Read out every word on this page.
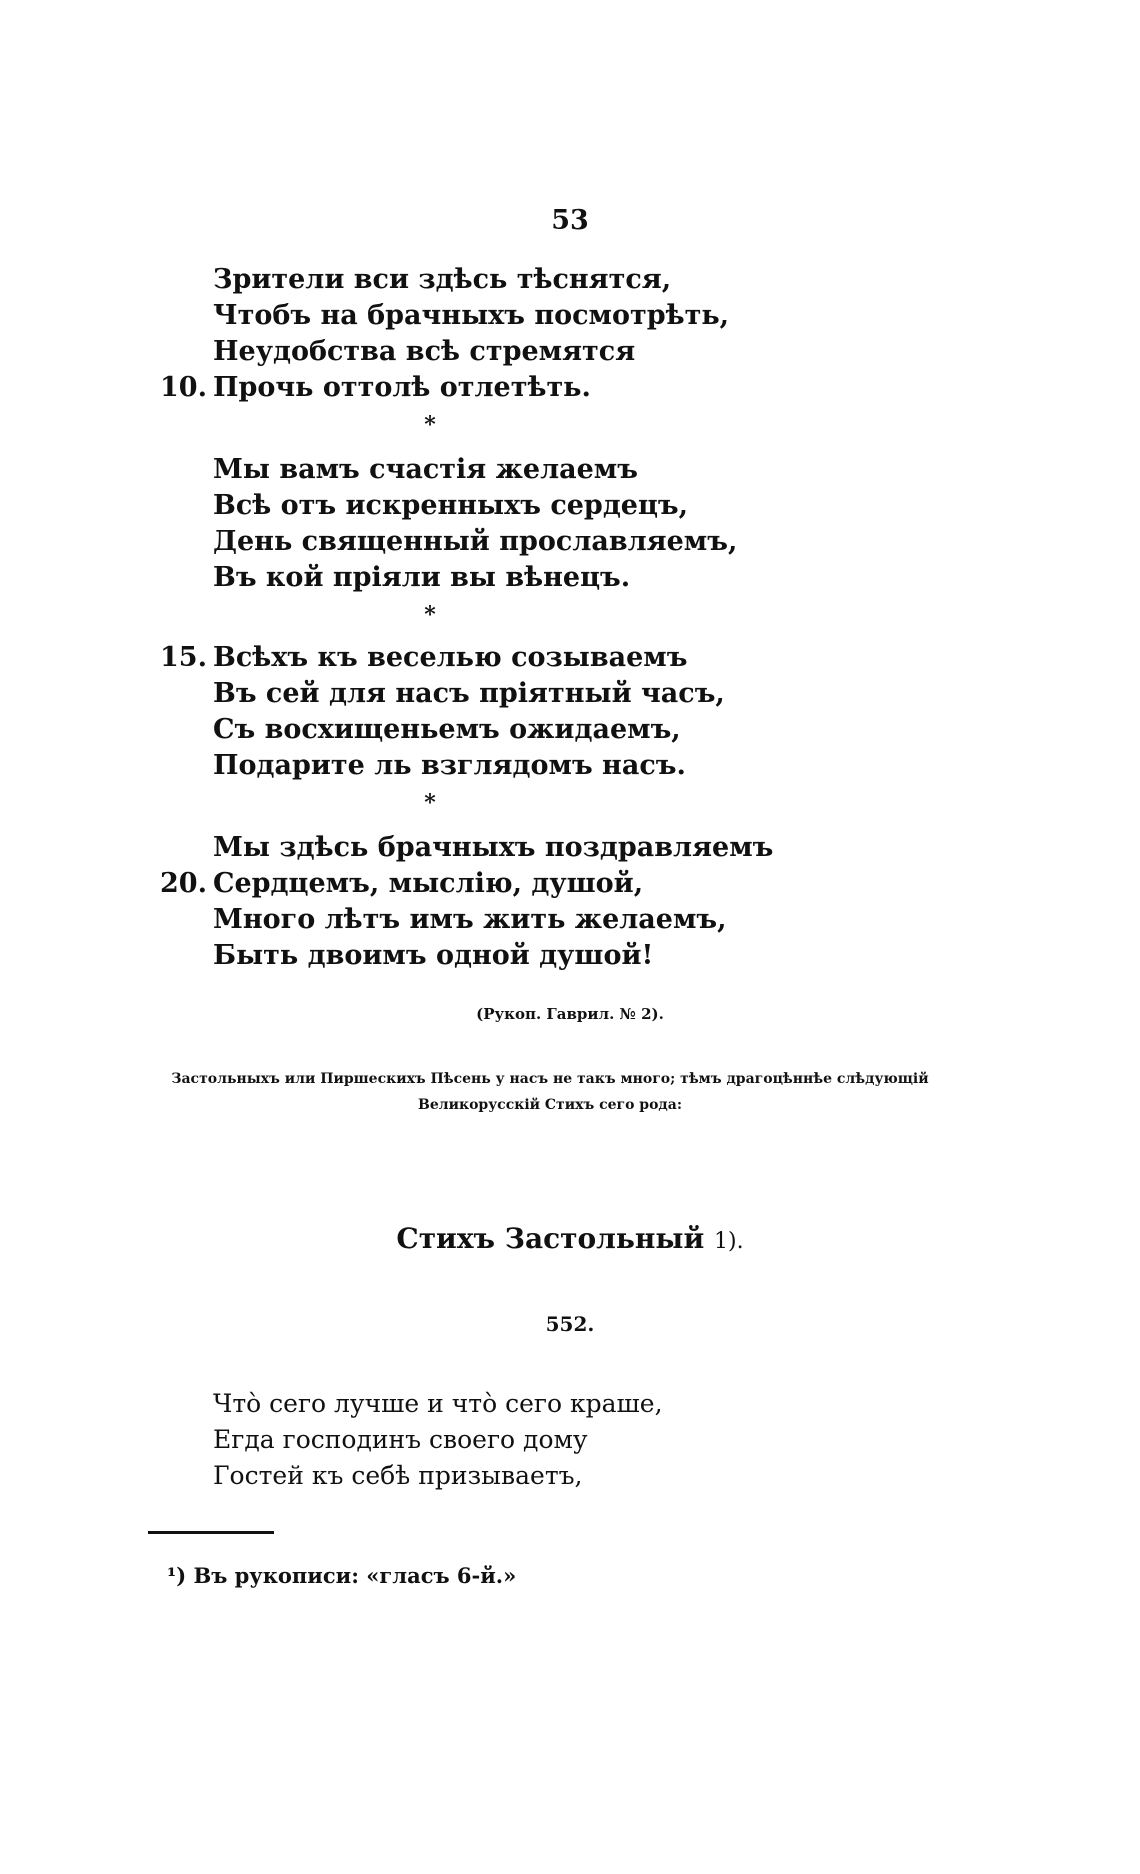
53
Зрители вси здѣсь тѣснятся,
Чтобъ на брачныхъ посмотрѣть,
Неудобства всѣ стремятся
10. Прочь оттолѣ отлетѣть.
*
Мы вамъ счастія желаемъ
Всѣ отъ искренныхъ сердецъ,
День священный прославляемъ,
Въ кой пріяли вы вѣнецъ.
*
15. Всѣхъ къ веселью созываемъ
Въ сей для насъ пріятный часъ,
Съ восхищеньемъ ожидаемъ,
Подарите ль взглядомъ насъ.
*
Мы здѣсь брачныхъ поздравляемъ
20. Сердцемъ, мыслію, душой,
Много лѣтъ имъ жить желаемъ,
Быть двоимъ одной душой!
(Рукоп. Гаврил. № 2).
Застольныхъ или Пиршескихъ Пѣсень у насъ не такъ много; тѣмъ драгоцѣннѣе слѣдующій
Великорусскій Стихъ сего рода:
Стихъ Застольный 1).
552.
Что̀ сего лучше и что̀ сего краше,
Егда господинъ своего дому
Гостей къ себѣ призываетъ,
¹) Въ рукописи: «гласъ 6-й.»
